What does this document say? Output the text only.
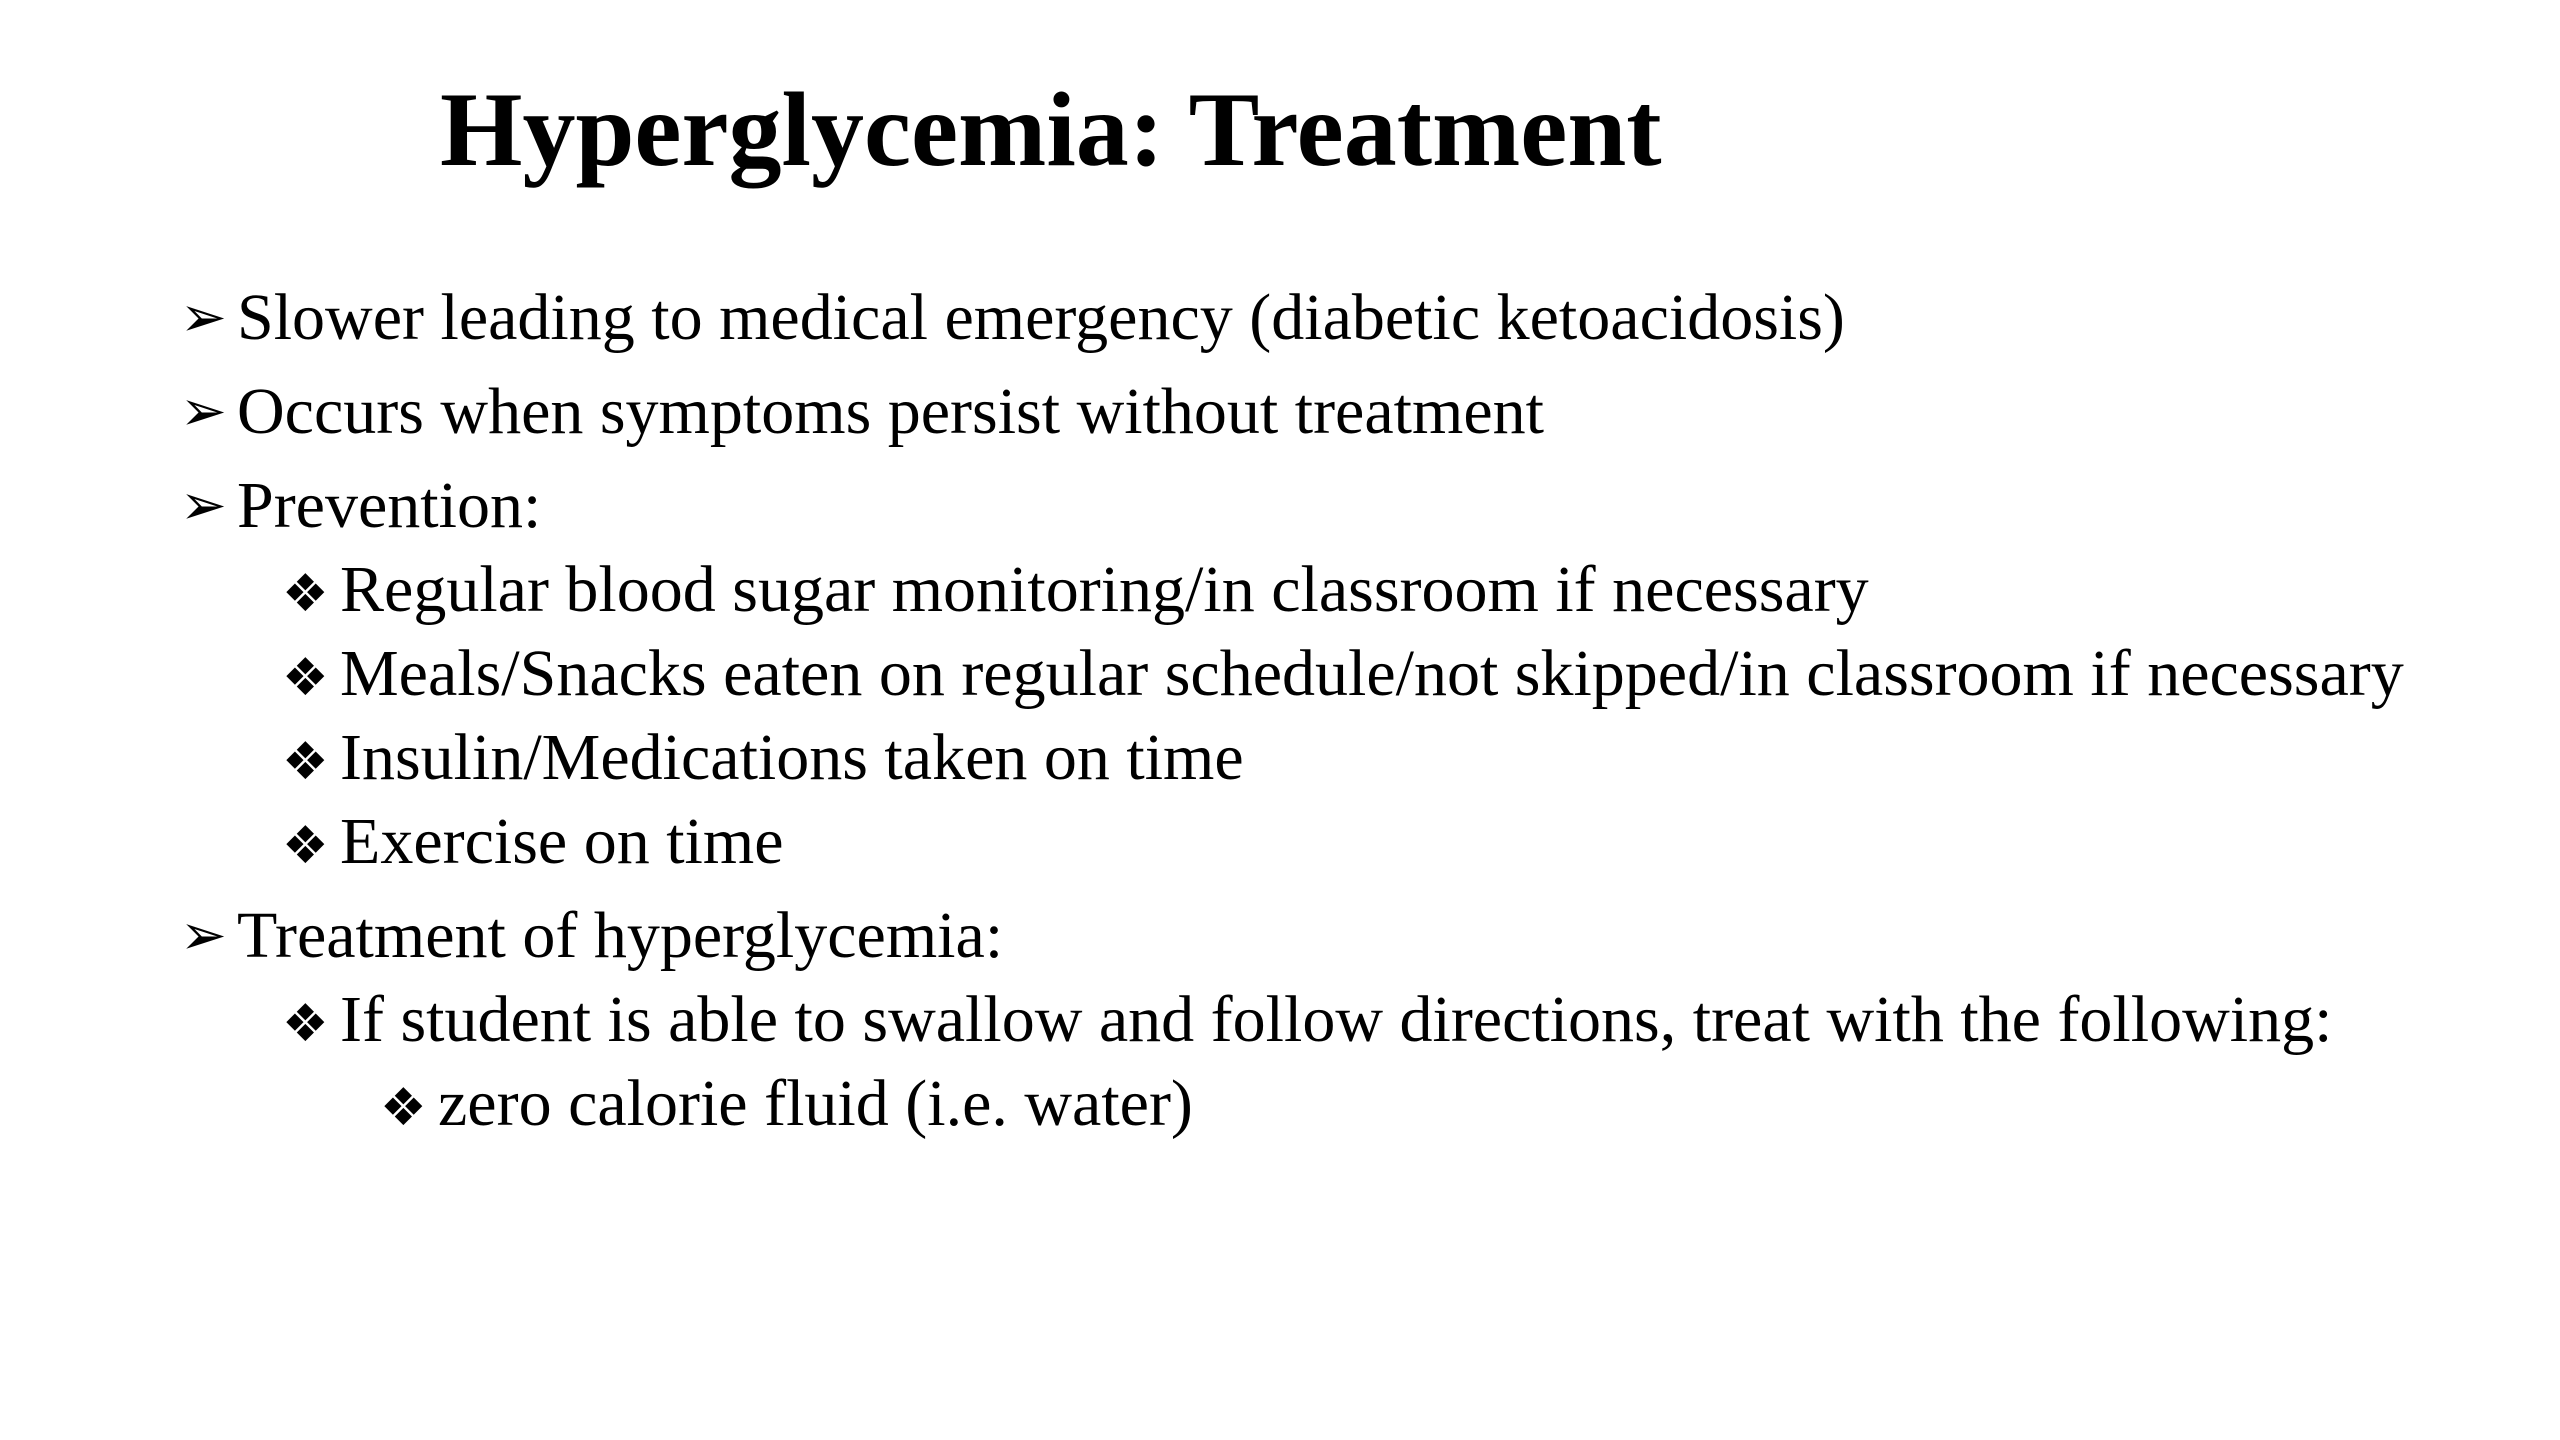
Hyperglycemia: Treatment
➢ Slower leading to medical emergency (diabetic ketoacidosis)
➢ Occurs when symptoms persist without treatment
➢ Prevention:
❖ Regular blood sugar monitoring/in classroom if necessary
❖ Meals/Snacks eaten on regular schedule/not skipped/in classroom if necessary
❖ Insulin/Medications taken on time
❖ Exercise on time
➢ Treatment of hyperglycemia:
❖ If student is able to swallow and follow directions, treat with the following:
❖ zero calorie fluid (i.e. water)
